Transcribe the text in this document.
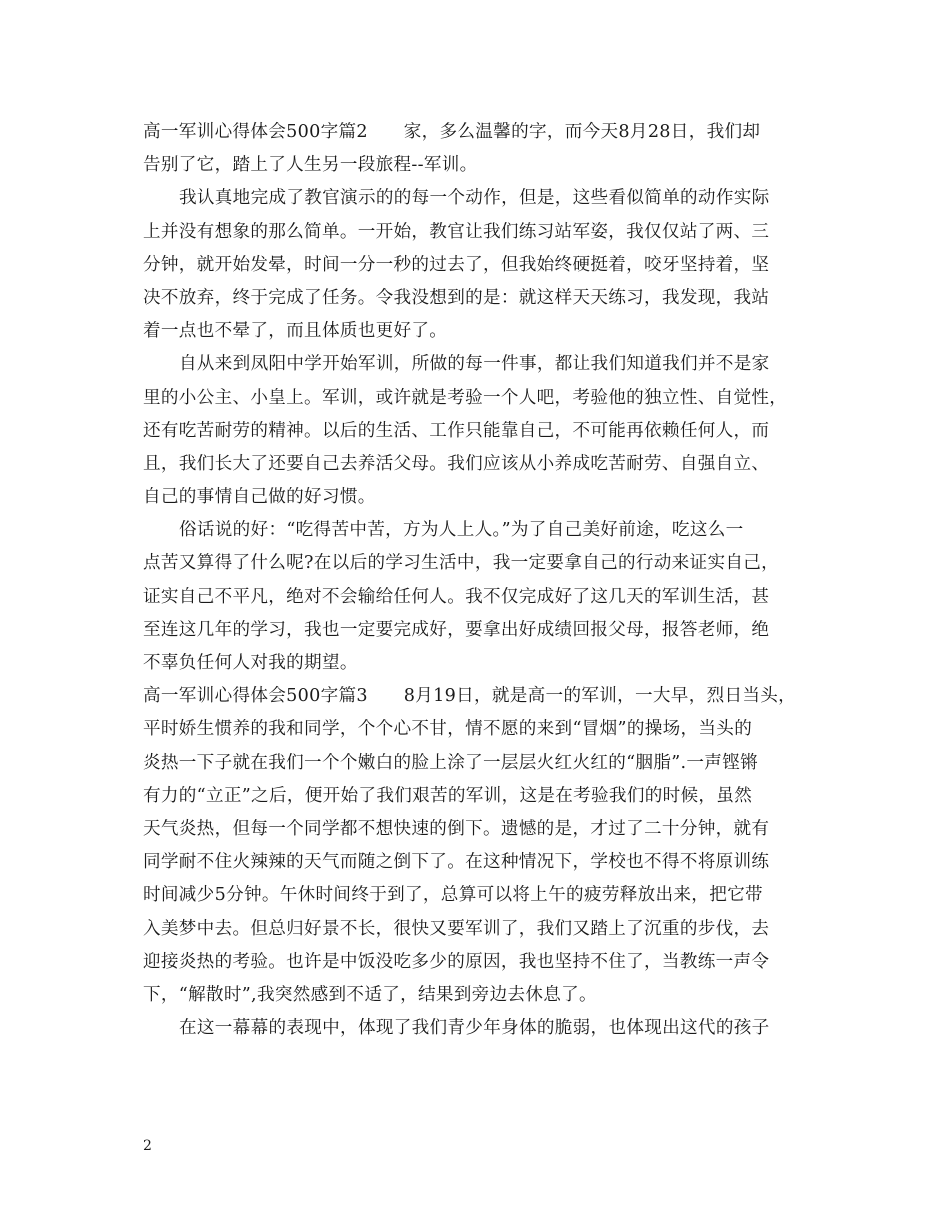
高一军训心得体会500字篇2　　家，多么温馨的字，而今天8月28日，我们却
告别了它，踏上了人生另一段旅程--军训。
我认真地完成了教官演示的的每一个动作，但是，这些看似简单的动作实际
上并没有想象的那么简单。一开始，教官让我们练习站军姿，我仅仅站了两、三
分钟，就开始发晕，时间一分一秒的过去了，但我始终硬挺着，咬牙坚持着，坚
决不放弃，终于完成了任务。令我没想到的是：就这样天天练习，我发现，我站
着一点也不晕了，而且体质也更好了。
自从来到凤阳中学开始军训，所做的每一件事，都让我们知道我们并不是家
里的小公主、小皇上。军训，或许就是考验一个人吧，考验他的独立性、自觉性，
还有吃苦耐劳的精神。以后的生活、工作只能靠自己，不可能再依赖任何人，而
且，我们长大了还要自己去养活父母。我们应该从小养成吃苦耐劳、自强自立、
自己的事情自己做的好习惯。
俗话说的好：“吃得苦中苦，方为人上人。”为了自己美好前途，吃这么一
点苦又算得了什么呢?在以后的学习生活中，我一定要拿自己的行动来证实自己，
证实自己不平凡，绝对不会输给任何人。我不仅完成好了这几天的军训生活，甚
至连这几年的学习，我也一定要完成好，要拿出好成绩回报父母，报答老师，绝
不辜负任何人对我的期望。
高一军训心得体会500字篇3　　8月19日，就是高一的军训，一大早，烈日当头，
平时娇生惯养的我和同学，个个心不甘，情不愿的来到“冒烟”的操场，当头的
炎热一下子就在我们一个个嫩白的脸上涂了一层层火红火红的“胭脂”.一声铿锵
有力的“立正”之后，便开始了我们艰苦的军训，这是在考验我们的时候，虽然
天气炎热，但每一个同学都不想快速的倒下。遗憾的是，才过了二十分钟，就有
同学耐不住火辣辣的天气而随之倒下了。在这种情况下，学校也不得不将原训练
时间减少5分钟。午休时间终于到了，总算可以将上午的疲劳释放出来，把它带
入美梦中去。但总归好景不长，很快又要军训了，我们又踏上了沉重的步伐，去
迎接炎热的考验。也许是中饭没吃多少的原因，我也坚持不住了，当教练一声令
下，“解散时”,我突然感到不适了，结果到旁边去休息了。
在这一幕幕的表现中，体现了我们青少年身体的脆弱，也体现出这代的孩子
2
